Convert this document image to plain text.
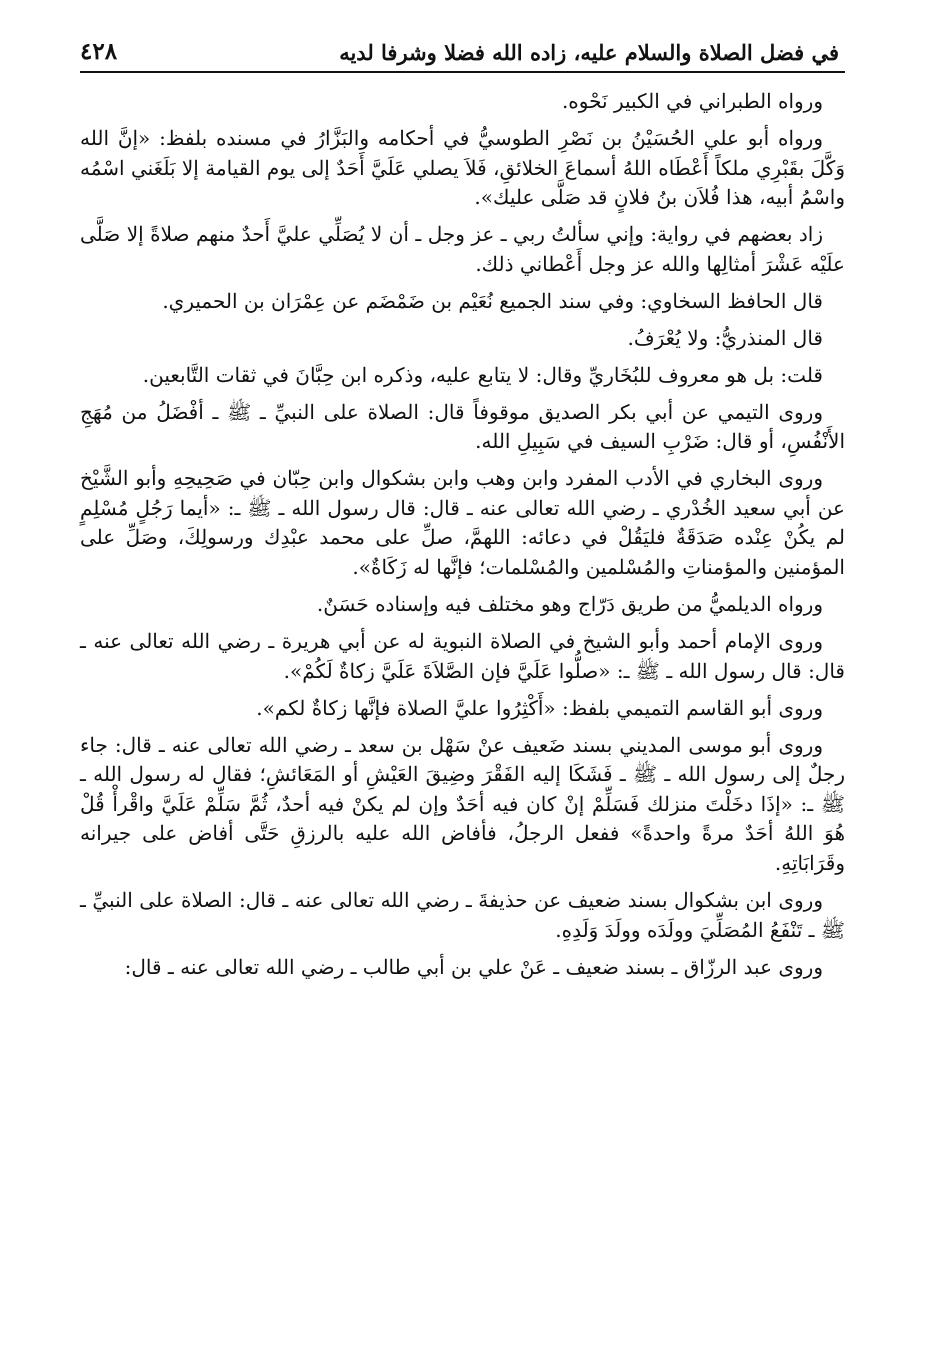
في فضل الصلاة والسلام عليه، زاده الله فضلا وشرفا لديه
٤٢٨

ورواه الطبراني في الكبير نَحْوه.

ورواه أبو علي الحُسَيْنُ بن نَصْرِ الطوسيُّ في أحكامه والبَزَّارُ في مسنده بلفظ: «إنَّ الله وَكَّلَ بقَبْرِي ملكاً أَعْطَاه اللهُ أسماعَ الخلائقِ، فَلاَ يصلي عَلَيَّ أَحَدٌ إلى يوم القيامة إلا بَلَغَني اسْمُه واسْمُ أبيه، هذا فُلاَن بنُ فلانٍ قد صَلَّى عليك».

زاد بعضهم في رواية: وإني سألتُ ربي ـ عز وجل ـ أن لا يُصَلِّي عليَّ أَحدٌ منهم صلاةً إلا صَلَّى علَيْه عَشْرَ أمثالِها والله عز وجل أَعْطاني ذلك.

قال الحافظ السخاوي: وفي سند الجميع نُعَيْم بن ضَمْضَم عن عِمْرَان بن الحميري.

قال المنذريُّ: ولا يُعْرَفُ.

قلت: بل هو معروف للبُخَاريِّ وقال: لا يتابع عليه، وذكره ابن حِبَّانَ في ثقات التَّابعين.

وروى التيمي عن أبي بكر الصديق موقوفاً قال: الصلاة على النبيِّ ـ ﷺ ـ أفْضَلُ من مُهَجِ الأَنْفُسِ، أو قال: ضَرْبِ السيف في سَبِيلِ الله.

وروى البخاري في الأدب المفرد وابن وهب وابن بشكوال وابن حِبّان في صَحِيحِهِ وأبو الشَّيْخ عن أبي سعيد الخُدْري ـ رضي الله تعالى عنه ـ قال: قال رسول الله ـ ﷺ ـ: «أيما رَجُلٍ مُسْلِمٍ لم يكُنْ عِنْده صَدَقَةٌ فليَقُلْ في دعائه: اللهمَّ، صلِّ على محمد عبْدِك ورسولِكَ، وصَلِّ على المؤمنين والمؤمناتِ والمُسْلمين والمُسْلمات؛ فإنَّها له زَكَاةٌ».

ورواه الديلميُّ من طريق دَرّاج وهو مختلف فيه وإسناده حَسَنٌ.

وروى الإمام أحمد وأبو الشيخ في الصلاة النبوية له عن أبي هريرة ـ رضي الله تعالى عنه ـ قال: قال رسول الله ـ ﷺ ـ: «صلُّوا عَلَيَّ فإن الصَّلاَةَ عَلَيَّ زكاةٌ لَكُمْ».

وروى أبو القاسم التميمي بلفظ: «أَكْثِرُوا عليَّ الصلاة فإنَّها زكاةٌ لكم».

وروى أبو موسى المديني بسند ضَعيف عنْ سَهْل بن سعد ـ رضي الله تعالى عنه ـ قال: جاء رجلٌ إلى رسول الله ـ ﷺ ـ فَشَكَا إليه الفَقْرَ وضِيقَ العَيْشِ أو المَعَائشِ؛ فقال له رسول الله ـ ﷺ ـ: «إذَا دخَلْتَ منزلك فَسَلِّمْ إنْ كان فيه أحَدٌ وإن لم يكنْ فيه أحدٌ، ثُمَّ سَلِّمْ عَلَيَّ واقْرأْ قُلْ هُوَ اللهُ أحَدٌ مرةً واحدةً» ففعل الرجلُ، فأفاض الله عليه بالرزقِ حَتَّى أفاض على جيرانه وقَرَابَاتِهِ.

وروى ابن بشكوال بسند ضعيف عن حذيفةَ ـ رضي الله تعالى عنه ـ قال: الصلاة على النبيِّ ـ ﷺ ـ تَنْفَعُ المُصَلِّيَ وولَدَه وولَدَ وَلَدِهِ.

وروى عبد الرزّاق ـ بسند ضعيف ـ عَنْ علي بن أبي طالب ـ رضي الله تعالى عنه ـ قال:
